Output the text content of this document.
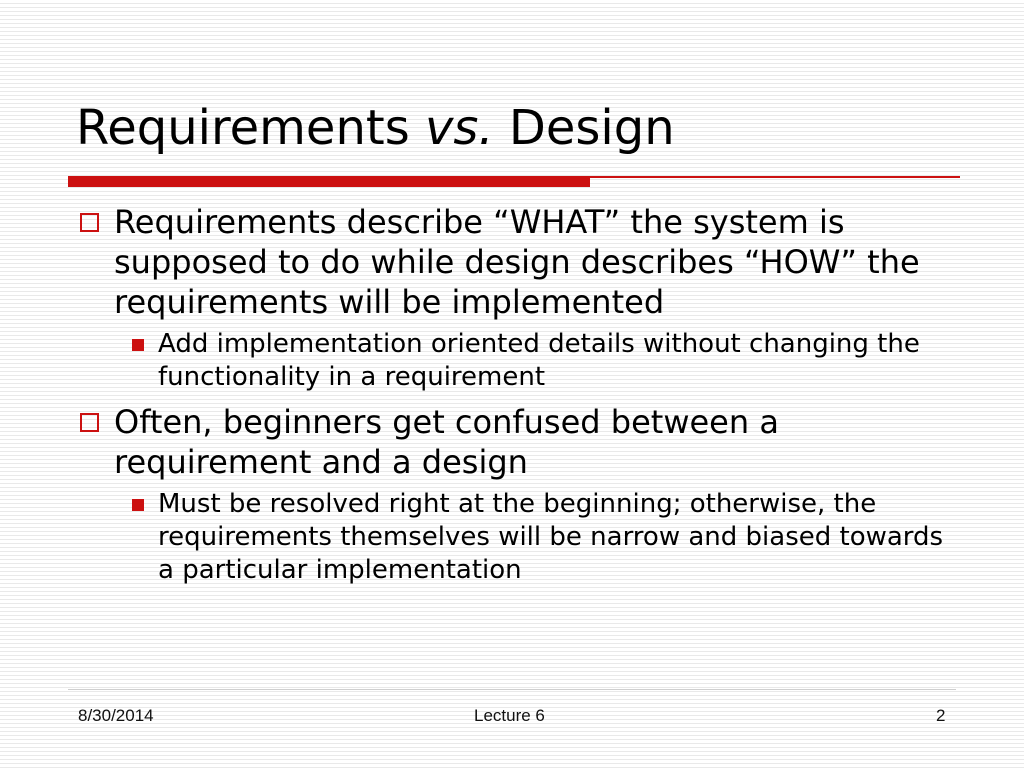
Requirements vs. Design
Requirements describe “WHAT” the system is supposed to do while design describes “HOW” the requirements will be implemented
Add implementation oriented details without changing the functionality in a requirement
Often, beginners get confused between a requirement and a design
Must be resolved right at the beginning; otherwise, the requirements themselves will be narrow and biased towards a particular implementation
8/30/2014	Lecture 6	2
